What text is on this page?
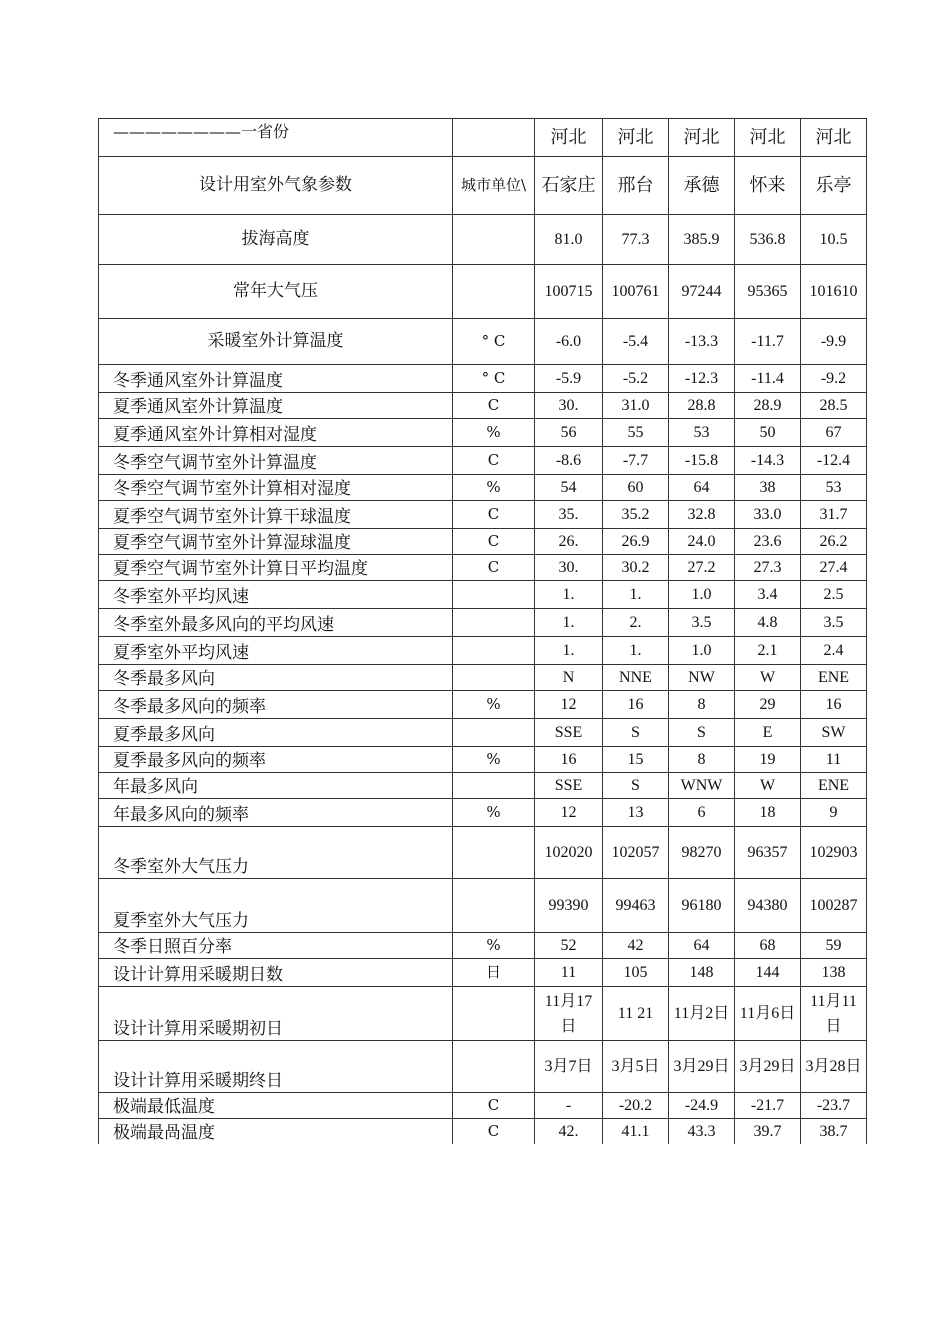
————————一省份		河北	河北	河北	河北	河北
设计用室外气象参数	城市单位\	石家庄	邢台	承德	怀来	乐亭
拔海高度		81.0	77.3	385.9	536.8	10.5
常年大气压		100715	100761	97244	95365	101610
采暖室外计算温度	° C	-6.0	-5.4	-13.3	-11.7	-9.9
冬季通风室外计算温度	° C	-5.9	-5.2	-12.3	-11.4	-9.2
夏季通风室外计算温度	C	30.	31.0	28.8	28.9	28.5
夏季通风室外计算相对湿度	%	56	55	53	50	67
冬季空气调节室外计算温度	C	-8.6	-7.7	-15.8	-14.3	-12.4
冬季空气调节室外计算相对湿度	%	54	60	64	38	53
夏季空气调节室外计算干球温度	C	35.	35.2	32.8	33.0	31.7
夏季空气调节室外计算湿球温度	C	26.	26.9	24.0	23.6	26.2
夏季空气调节室外计算日平均温度	C	30.	30.2	27.2	27.3	27.4
冬季室外平均风速		1.	1.	1.0	3.4	2.5
冬季室外最多风向的平均风速		1.	2.	3.5	4.8	3.5
夏季室外平均风速		1.	1.	1.0	2.1	2.4
冬季最多风向		N	NNE	NW	W	ENE
冬季最多风向的频率	%	12	16	8	29	16
夏季最多风向		SSE	S	S	E	SW
夏季最多风向的频率	%	16	15	8	19	11
年最多风向		SSE	S	WNW	W	ENE
年最多风向的频率	%	12	13	6	18	9
冬季室外大气压力		102020	102057	98270	96357	102903
夏季室外大气压力		99390	99463	96180	94380	100287
冬季日照百分率	%	52	42	64	68	59
设计计算用采暖期日数	日	11	105	148	144	138
设计计算用采暖期初日		11月17日	11 21	11月2日	11月6日	11月11日
设计计算用采暖期终日		3月7日	3月5日	3月29日	3月29日	3月28日
极端最低温度	C	-	-20.2	-24.9	-21.7	-23.7
极端最咼温度	C	42.	41.1	43.3	39.7	38.7
